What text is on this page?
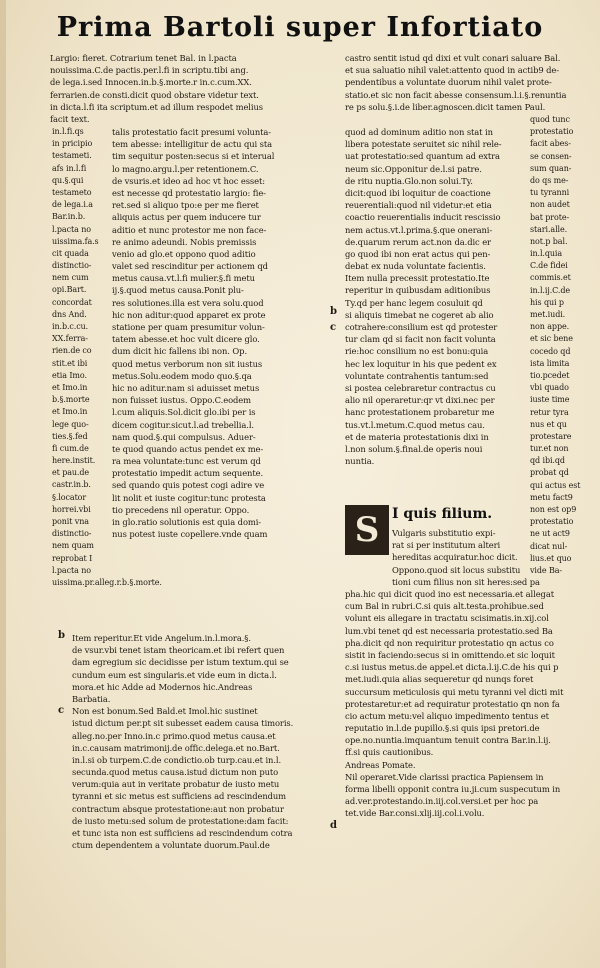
Prima Bartoli super Infortiato
Largio: fieret. Cotrarium tenet Bal. in l.pacta
nouissima.C.de pactis.per.l.fi in scriptu.tibi ang.
de lega.i.sed Innocen.in.b.§.morte.r in.c.cum.XX.
ferrarien.de consti.dicit quod obstare videtur text.
in dicta.l.fi ita scriptum.et ad illum respodet melius
facit text.
in.l.fi.qs
in pricipio
testameti.
afs in.l.fi
qu.§.qui
testameto
de lega.i.a
Bar.in.b.
l.pacta no
uissima.fa.s
cit quada
distinctio-
nem cum
opi.Bart.
concordat
dns And.
in.b.c.cu.
XX.ferra-
rien.de co
stit.et ibi
etia Imo.
et Imo.in
b.§.morte
et Imo.in
lege quo-
ties.§.fed
fi cum.de
here.instit.
et pau.de
castr.in.b.
§.locator
horrei.vbi
ponit vna
distinctio-
nem quam
reprobat I
l.pacta no
uissima.pr.alleg.r.b.§.morte.
talis protestatio facit presumi volunta-
tem abesse: intelligitur de actu qui sta
tim sequitur posten:secus si et interual
lo magno.argu.l.per retentionem.C.
de vsuris.et ideo ad hoc vt hoc esset:
est necesse qd protestatio largio: fie-
ret.sed si aliquo tpo:e per me fieret
aliquis actus per quem inducere tur
aditio et nunc protestor me non face-
re animo adeundi. Nobis premissis
venio ad glo.et oppono quod aditio
valet sed rescinditur per actionem qd
metus causa.vt.l.fi mulier.§.fi metu
ij.§.quod metus causa.Ponit plu-
res solutiones.illa est vera solu.quod
hic non aditur:quod apparet ex prote
statione per quam presumitur volun-
tatem abesse.et hoc vult dicere glo.
dum dicit hic fallens ibi non. Op.
quod metus verborum non sit iustus
metus.Solu.eodem modo quo.§.qa
hic no aditur.nam si aduisset metus
non fuisset iustus. Oppo.C.eodem
l.cum aliquis.Sol.dicit glo.ibi per is
dicem cogitur.sicut.l.ad trebellia.l.
nam quod.§.qui compulsus. Aduer-
te quod quando actus pendet ex me-
ra mea voluntate:tunc est verum qd
protestatio impedit actum sequente.
sed quando quis potest cogi adire ve
lit nolit et iuste cogitur:tunc protesta
tio precedens nil operatur. Oppo.
in glo.ratio solutionis est quia domi-
nus potest iuste copellere.vnde quam
Item reperitur.Et vide Angelum.in.l.mora.§.
de vsur.vbi tenet istam theoricam.et ibi refert quen
dam egregium sic decidisse per istum textum.qui se
cundum eum est singularis.et vide eum in dicta.l.
mora.et hic Adde ad Modernos hic.Andreas
Barbatia.
Non est bonum.Sed Bald.et Imol.hic sustinet
istud dictum per.pt sit subesset eadem causa timoris.
alleg.no.per Inno.in.c primo.quod metus causa.et
in.c.causam matrimonij.de offic.delega.et no.Bart.
in.l.si ob turpem.C.de condictio.ob turp.cau.et in.l.
secunda.quod metus causa.istud dictum non puto
verum:quia aut in veritate probatur de iusto metu
tyranni et sic metus est sufficiens ad rescindendum
contractum absque protestatione:aut non probatur
de iusto metu:sed solum de protestatione:dam facit:
et tunc ista non est sufficiens ad rescindendum cotra
ctum dependentem a voluntate duorum.Paul.de
castro sentit istud qd dixi et vult conari saluare Bal.
et sua saluatio nihil valet:attento quod in actib9 de-
pendentibus a voluntate duorum nihil valet prote-
statio.et sic non facit abesse consensum.l.i.§.renuntia
re ps solu.§.i.de liber.agnoscen.dicit tamen Paul.
quod ad dominum aditio non stat in
libera potestate seruitet sic nihil rele-
uat protestatio:sed quantum ad extra
neum sic.Opponitur de.l.si patre.
de ritu nuptia.Glo.non solui.Ty.
dicit:quod ibi loquitur de coactione
reuerentiali:quod nil videtur:et etia
coactio reuerentialis inducit rescissio
nem actus.vt.l.prima.§.que onerani-
de.quarum rerum act.non da.dic er
go quod ibi non erat actus qui pen-
debat ex nuda voluntate facientis.
Item nulla precessit protestatio.Ite
reperitur in quibusdam aditionibus
Ty.qd per hanc legem cosuluit qd
si aliquis timebat ne cogeret ab alio
cotrahere:consilium est qd protester
tur clam qd si facit non facit volunta
rie:hoc consilium no est bonu:quia
hec lex loquitur in his que pedent ex
voluntate contrahentis tantum:sed
si postea celebraretur contractus cu
alio nil operaretur:qr vt dixi.nec per
hanc protestationem probaretur me
tus.vt.l.metum.C.quod metus cau.
et de materia protestationis dixi in
l.non solum.§.final.de operis noui
nuntia.
quod tunc
protestatio
facit abes-
se consen-
sum quan-
do qs me-
tu tyranni
non audet
bat prote-
stari.alle.
not.p bal.
in.l.quia
C.de fidei
commis.et
in.l.ij.C.de
his qui p
met.iudi.
non appe.
et sic bene
cocedo qd
ista limita
tio.pcedet
vbi quado
iuste time
retur tyra
nus et qu
protestare
tur.et non
qd ibi.qd
probat qd
qui actus est
metu fact9
non est op9
protestatio
ne ut act9
dicat nul-
lius.et quo
vide Ba-
S I quis filium.
Vulgaris substitutio expi-
rat si per institutum alteri
hereditas acquiratur.hoc dicit.
Oppono.quod sit locus substitu
tioni cum filius non sit heres:sed pa
pha.hic qui dicit quod ino est necessaria.et allegat
cum Bal in rubri.C.si quis alt.testa.prohibue.sed
volunt eis allegare in tractatu scisimatis.in.xij.col
lum.vbi tenet qd est necessaria protestatio.sed Ba
pha.dicit qd non requiritur protestatio qn actus co
sistit in faciendo:secus si in omittendo.et sic loquit
c.si iustus metus.de appel.et dicta.l.ij.C.de his qui p
met.iudi.quia alias sequeretur qd nunqs foret
succursum meticulosis qui metu tyranni vel dicti mit
protestaretur:et ad requiratur protestatio qn non fa
cio actum metu:vel aliquo impedimento tentus et
reputatio in.l.de pupillo.§.si quis ipsi pretori.de
ope.no.nuntia.imquantum tenuit contra Bar.in.l.ij.
ff.si quis cautionibus.
Andreas Pomate.
Nil operaret.Vide clarissi practica Papiensem in
forma libelli opponit contra iu.ji.cum suspecutum in
ad.ver.protestando.in.iij.col.versi.et per hoc pa
tet.vide Bar.consi.xlij.iij.col.i.volu.
b
c
b
c
d
